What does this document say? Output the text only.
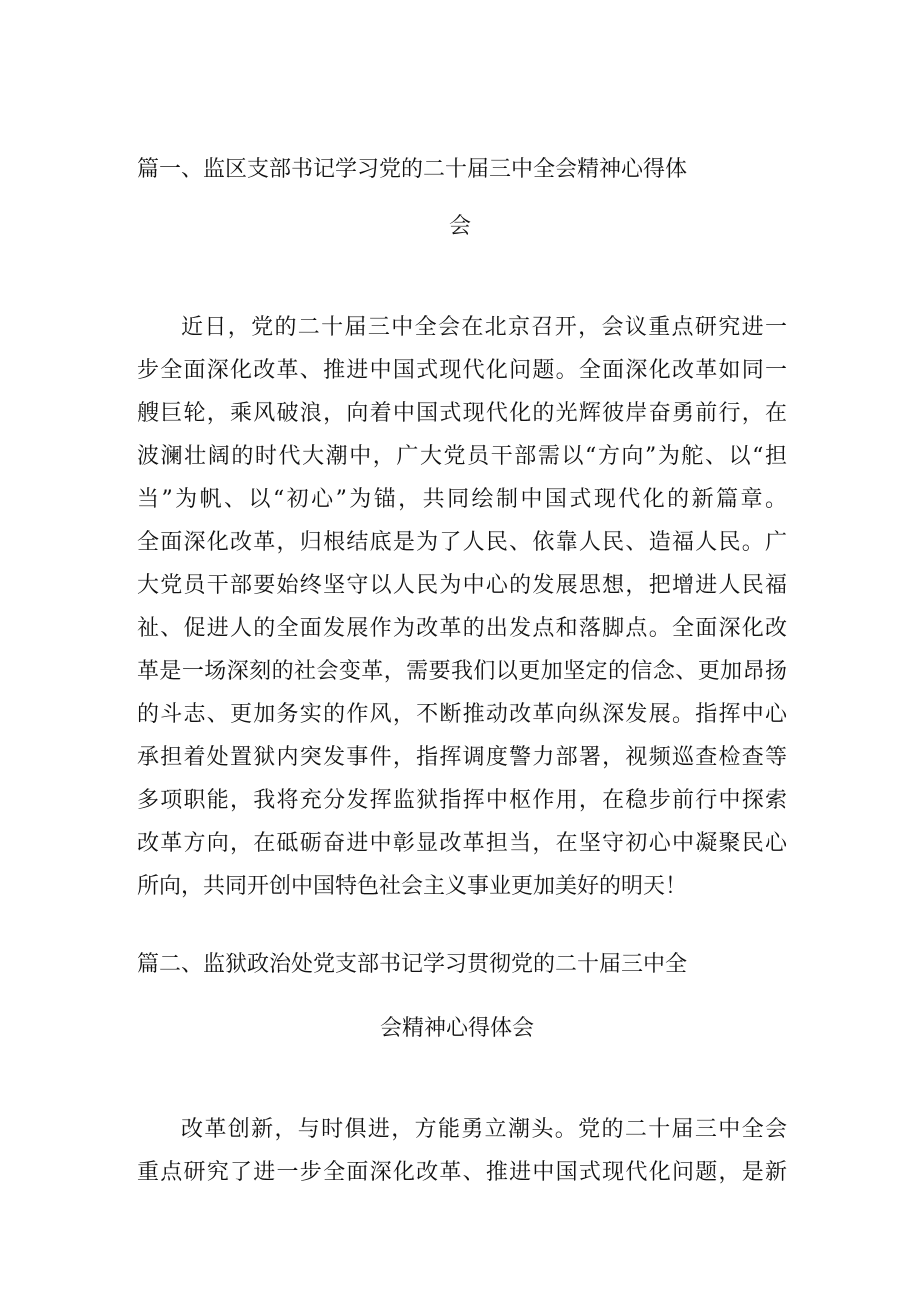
篇一、监区支部书记学习党的二十届三中全会精神心得体
会
近日，党的二十届三中全会在北京召开，会议重点研究进一
步全面深化改革、推进中国式现代化问题。全面深化改革如同一
艘巨轮，乘风破浪，向着中国式现代化的光辉彼岸奋勇前行，在
波澜壮阔的时代大潮中，广大党员干部需以“方向”为舵、以“担
当”为帆、以“初心”为锚，共同绘制中国式现代化的新篇章。
全面深化改革，归根结底是为了人民、依靠人民、造福人民。广
大党员干部要始终坚守以人民为中心的发展思想，把增进人民福
祉、促进人的全面发展作为改革的出发点和落脚点。全面深化改
革是一场深刻的社会变革，需要我们以更加坚定的信念、更加昂扬
的斗志、更加务实的作风，不断推动改革向纵深发展。指挥中心
承担着处置狱内突发事件，指挥调度警力部署，视频巡查检查等
多项职能，我将充分发挥监狱指挥中枢作用，在稳步前行中探索
改革方向，在砥砺奋进中彰显改革担当，在坚守初心中凝聚民心
所向，共同开创中国特色社会主义事业更加美好的明天！
篇二、监狱政治处党支部书记学习贯彻党的二十届三中全
会精神心得体会
改革创新，与时俱进，方能勇立潮头。党的二十届三中全会
重点研究了进一步全面深化改革、推进中国式现代化问题，是新
